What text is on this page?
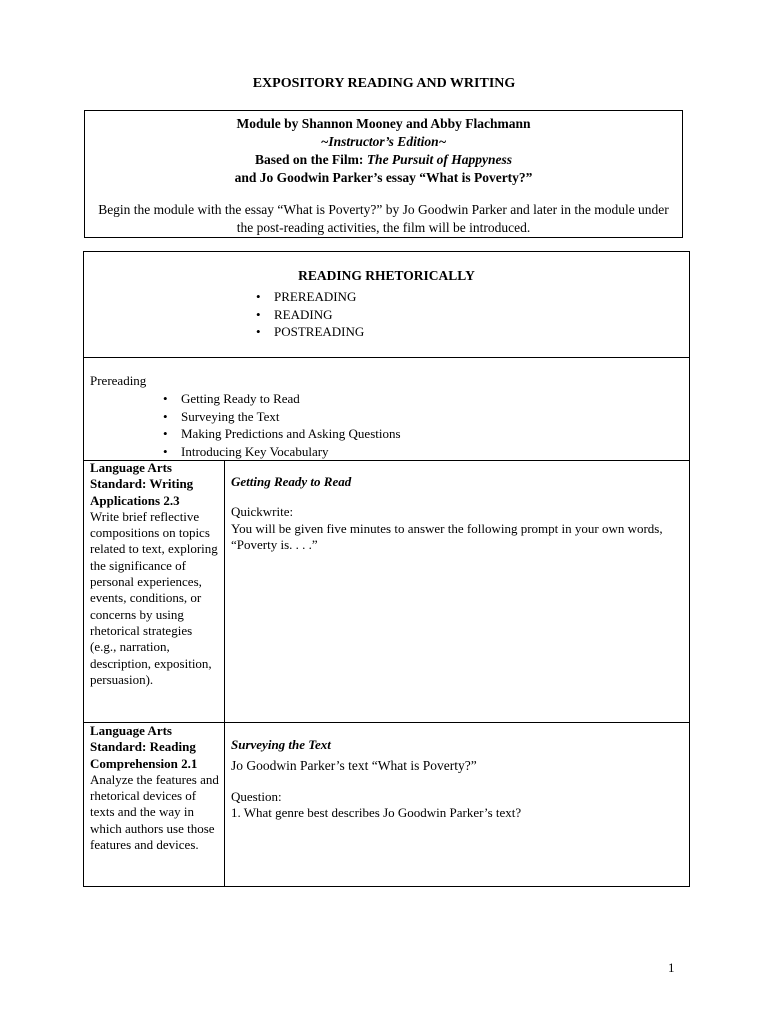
EXPOSITORY READING AND WRITING
Module by Shannon Mooney and Abby Flachmann
~Instructor’s Edition~
Based on the Film: The Pursuit of Happyness
and Jo Goodwin Parker’s essay “What is Poverty?”
Begin the module with the essay “What is Poverty?” by Jo Goodwin Parker and later in the module under the post-reading activities, the film will be introduced.
READING RHETORICALLY
• PREREADING
• READING
• POSTREADING
Prereading
• Getting Ready to Read
• Surveying the Text
• Making Predictions and Asking Questions
• Introducing Key Vocabulary
Language Arts Standard: Writing Applications 2.3
Write brief reflective compositions on topics related to text, exploring the significance of personal experiences, events, conditions, or concerns by using rhetorical strategies (e.g., narration, description, exposition, persuasion).
Getting Ready to Read
Quickwrite:
You will be given five minutes to answer the following prompt in your own words, “Poverty is. . . .”
Language Arts Standard: Reading Comprehension 2.1
Analyze the features and rhetorical devices of texts and the way in which authors use those features and devices.
Surveying the Text
Jo Goodwin Parker’s text “What is Poverty?”
Question:
1. What genre best describes Jo Goodwin Parker’s text?
1
